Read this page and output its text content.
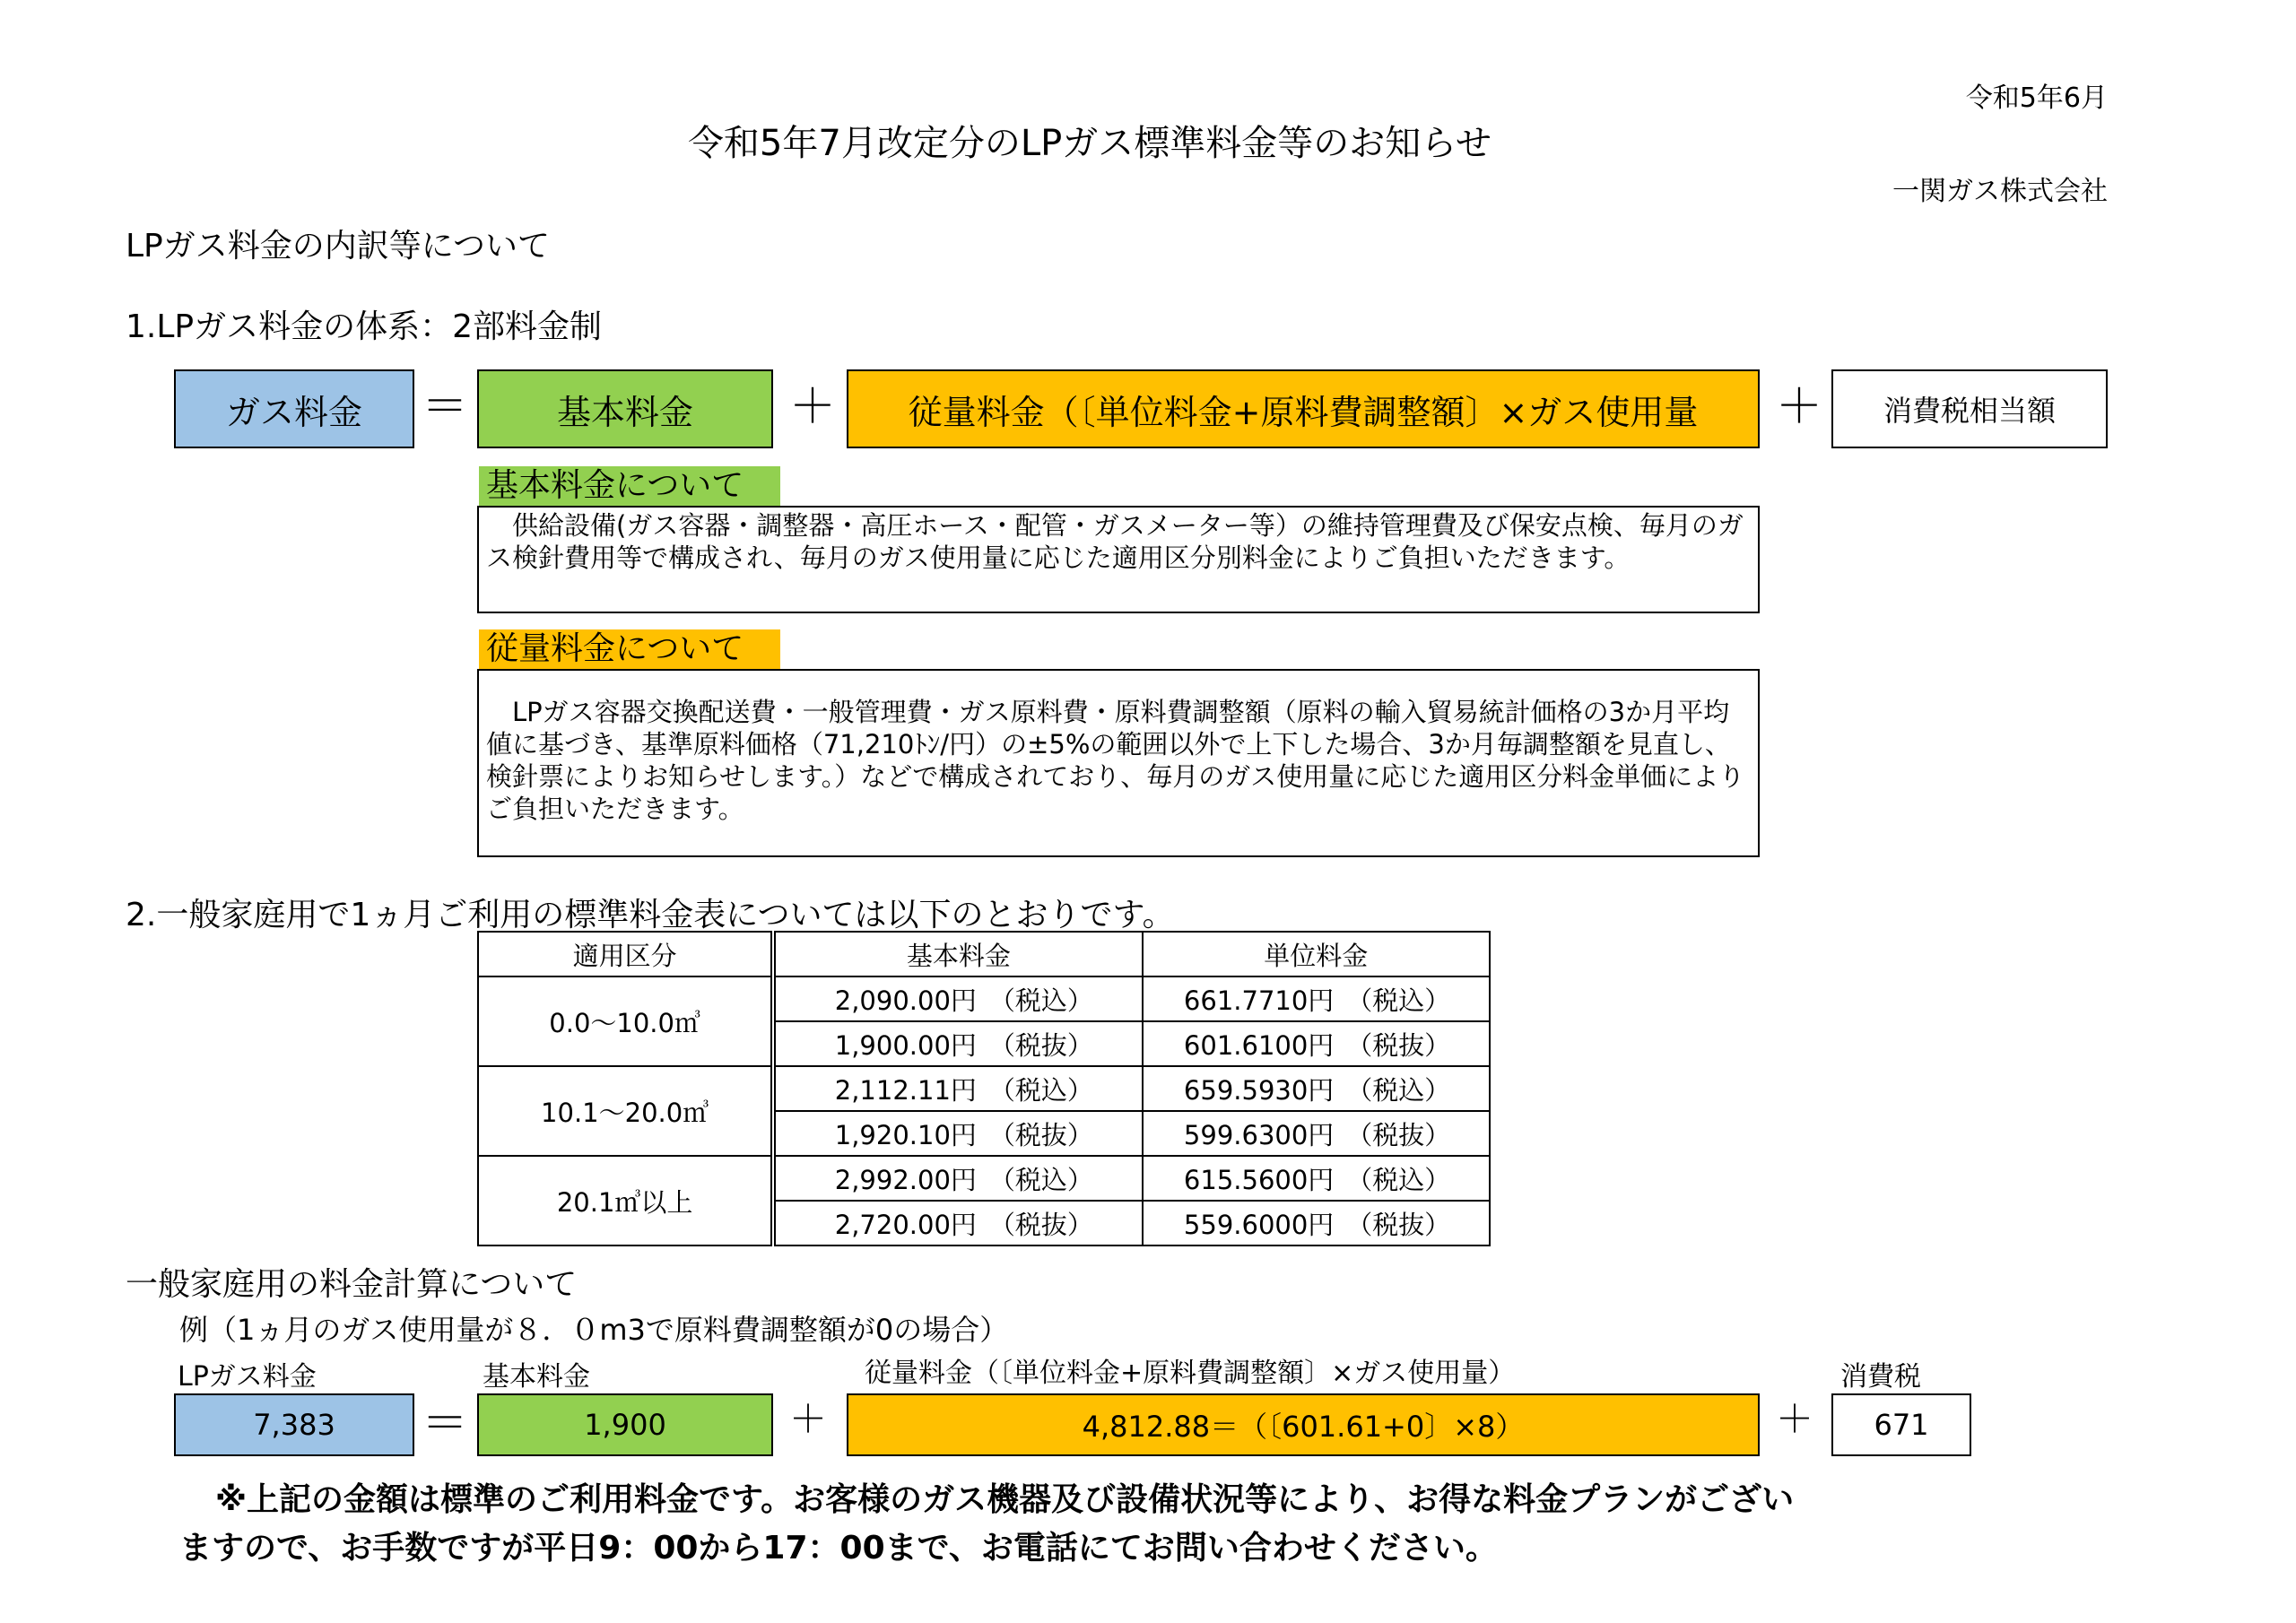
令和5年6月
令和5年7月改定分のLPガス標準料金等のお知らせ
一関ガス株式会社
LPガス料金の内訳等について
1.LPガス料金の体系：2部料金制
ガス料金	＝	基本料金	＋	従量料金（〔単位料金+原料費調整額〕×ガス使用量	＋	消費税相当額
基本料金について
供給設備(ガス容器・調整器・高圧ホース・配管・ガスメーター等）の維持管理費及び保安点検、毎月のガス検針費用等で構成され、毎月のガス使用量に応じた適用区分別料金によりご負担いただきます。
従量料金について
LPガス容器交換配送費・一般管理費・ガス原料費・原料費調整額（原料の輸入貿易統計価格の3か月平均値に基づき、基準原料価格（71,210ﾄﾝ/円）の±5%の範囲以外で上下した場合、3か月毎調整額を見直し、検針票によりお知らせします。）などで構成されており、毎月のガス使用量に応じた適用区分料金単価によりご負担いただきます。
2.一般家庭用で1ヵ月ご利用の標準料金表については以下のとおりです。
適用区分	基本料金	単位料金
0.0～10.0㎥	2,090.00円 （税込）	661.7710円 （税込）
	1,900.00円 （税抜）	601.6100円 （税抜）
10.1～20.0㎥	2,112.11円 （税込）	659.5930円 （税込）
	1,920.10円 （税抜）	599.6300円 （税抜）
20.1㎥以上	2,992.00円 （税込）	615.5600円 （税込）
	2,720.00円 （税抜）	559.6000円 （税抜）
一般家庭用の料金計算について
例（1ヵ月のガス使用量が８．０m3で原料費調整額が0の場合）
LPガス料金	基本料金	従量料金（〔単位料金+原料費調整額〕×ガス使用量）	消費税
7,383	＝	1,900	＋	4,812.88＝（〔601.61+0〕×8）	＋	671
※上記の金額は標準のご利用料金です。お客様のガス機器及び設備状況等により、お得な料金プランがござい
ますので、お手数ですが平日9：00から17：00まで、お電話にてお問い合わせください。
